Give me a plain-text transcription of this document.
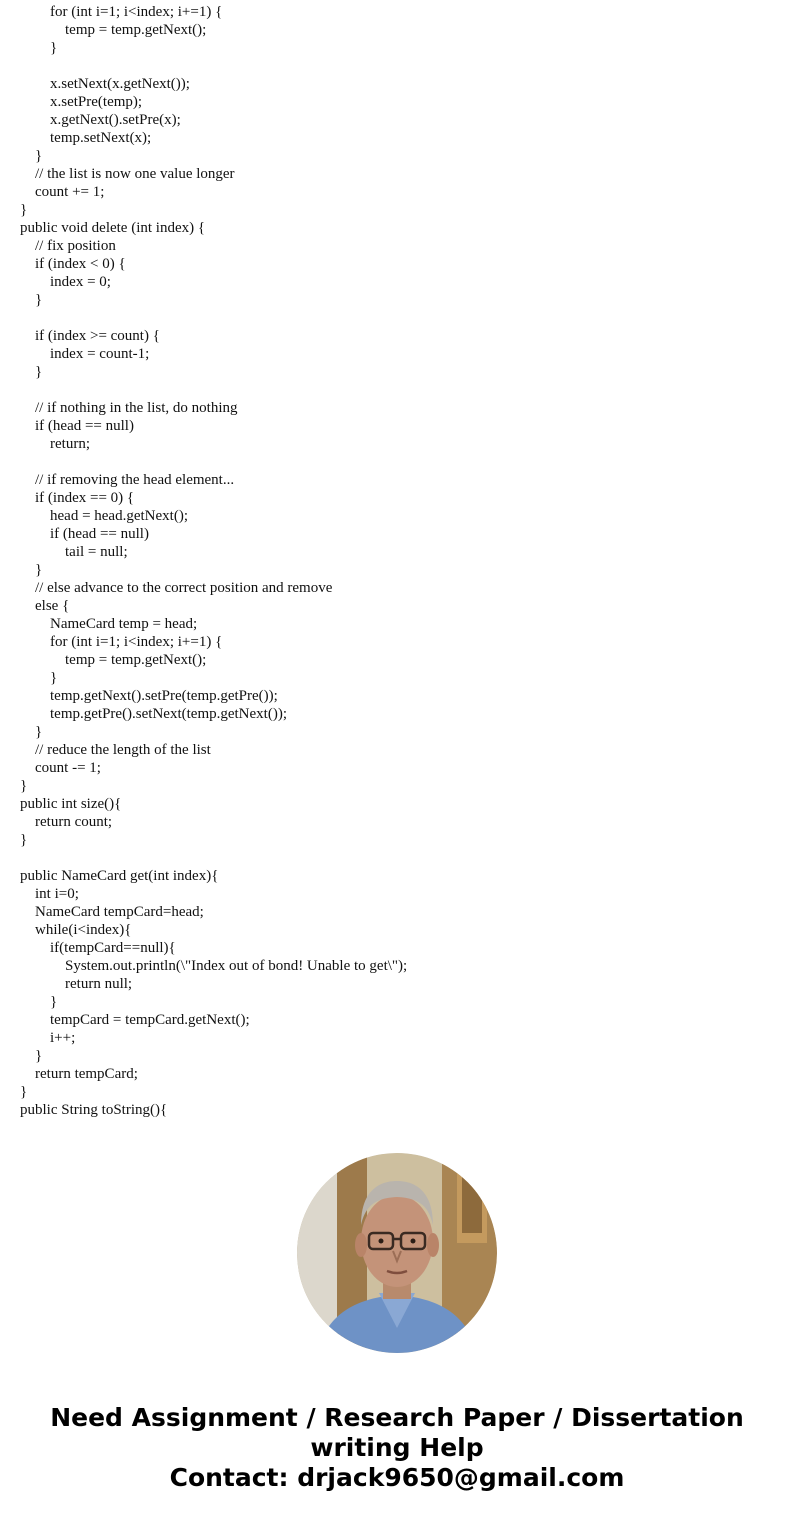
for (int i=1; i<index; i+=1) {
temp = temp.getNext();
}
x.setNext(x.getNext());
x.setPre(temp);
x.getNext().setPre(x);
temp.setNext(x);
}
// the list is now one value longer
count += 1;
}
public void delete (int index) {
// fix position
if (index < 0) {
index = 0;
}
if (index >= count) {
index = count-1;
}
// if nothing in the list, do nothing
if (head == null)
return;
// if removing the head element...
if (index == 0) {
head = head.getNext();
if (head == null)
tail = null;
}
// else advance to the correct position and remove
else {
NameCard temp = head;
for (int i=1; i<index; i+=1) {
temp = temp.getNext();
}
temp.getNext().setPre(temp.getPre());
temp.getPre().setNext(temp.getNext());
}
// reduce the length of the list
count -= 1;
}
public int size(){
return count;
}
public NameCard get(int index){
int i=0;
NameCard tempCard=head;
while(i<index){
if(tempCard==null){
System.out.println(\"Index out of bond! Unable to get\");
return null;
}
tempCard = tempCard.getNext();
i++;
}
return tempCard;
}
public String toString(){
Need Assignment / Research Paper / Dissertation
writing Help
Contact: drjack9650@gmail.com
